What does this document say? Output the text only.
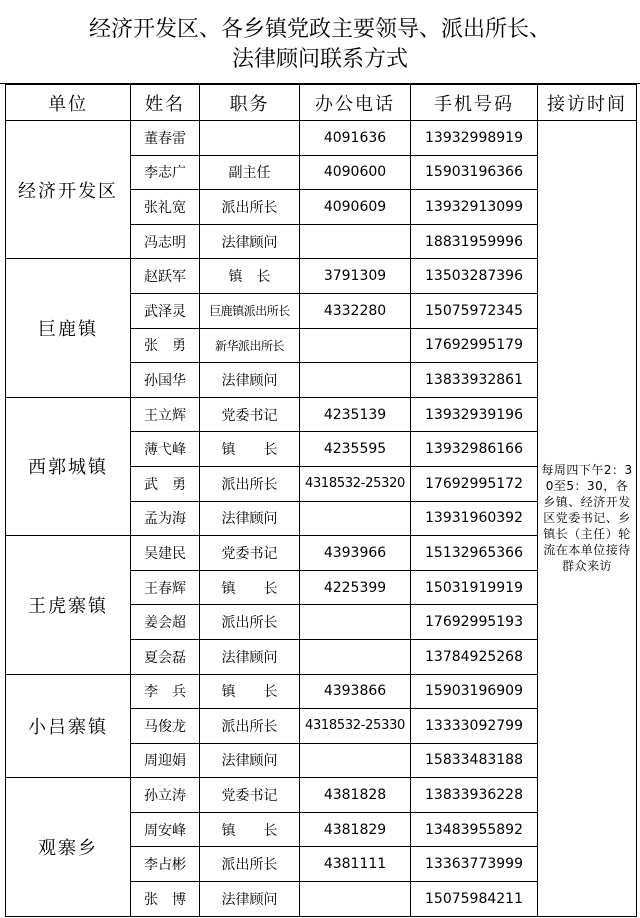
经济开发区、各乡镇党政主要领导、派出所长、
法律顾问联系方式
单位	姓名	职务	办公电话	手机号码	接访时间
经济开发区	董春雷		4091636	13932998919	每周四下午2：30至5：30，各乡镇、经济开发区党委书记、乡镇长（主任）轮流在本单位接待群众来访

	李志广	副主任	4090600	15903196366	
	张礼宽	派出所长	4090609	13932913099	
	冯志明	法律顾问		18831959996	
巨鹿镇	赵跃军	镇　长	3791309	13503287396	
	武泽灵	巨鹿镇派出所长	4332280	15075972345	
	张　勇	新华派出所长		17692995179	
	孙国华	法律顾问		13833932861	
西郭城镇	王立辉	党委书记	4235139	13932939196	
	薄弋峰	镇　　长	4235595	13932986166	
	武　勇	派出所长	4318532-25320	17692995172	
	孟为海	法律顾问		13931960392	
王虎寨镇	吴建民	党委书记	4393966	15132965366	
	王春辉	镇　　长	4225399	15031919919	
	姜会超	派出所长		17692995193	
	夏会磊	法律顾问		13784925268	
小吕寨镇	李　兵	镇　　长	4393866	15903196909	
	马俊龙	派出所长	4318532-25330	13333092799	
	周迎娟	法律顾问		15833483188	
观寨乡	孙立涛	党委书记	4381828	13833936228	
	周安峰	镇　　长	4381829	13483955892	
	李占彬	派出所长	4381111	13363773999	
	张　博	法律顾问		15075984211	
